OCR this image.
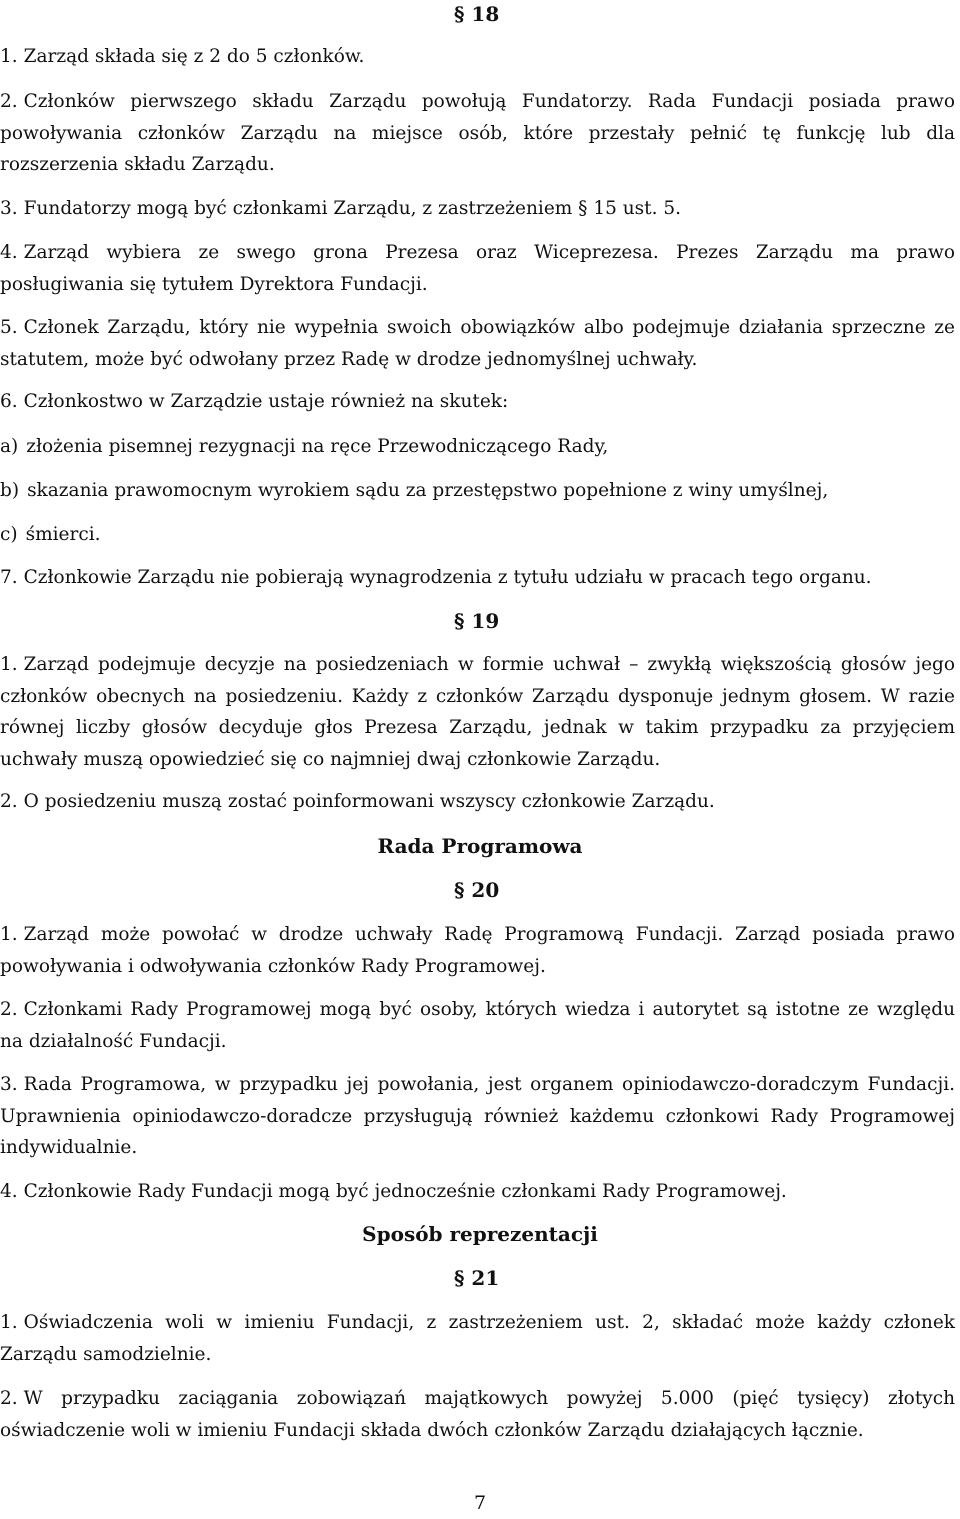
§ 18

1. Zarząd składa się z 2 do 5 członków.

2. Członków pierwszego składu Zarządu powołują Fundatorzy. Rada Fundacji posiada prawo powoływania członków Zarządu na miejsce osób, które przestały pełnić tę funkcję lub dla rozszerzenia składu Zarządu.

3. Fundatorzy mogą być członkami Zarządu, z zastrzeżeniem § 15 ust. 5.

4. Zarząd wybiera ze swego grona Prezesa oraz Wiceprezesa. Prezes Zarządu ma prawo posługiwania się tytułem Dyrektora Fundacji.

5. Członek Zarządu, który nie wypełnia swoich obowiązków albo podejmuje działania sprzeczne ze statutem, może być odwołany przez Radę w drodze jednomyślnej uchwały.

6. Członkostwo w Zarządzie ustaje również na skutek:

a) złożenia pisemnej rezygnacji na ręce Przewodniczącego Rady,

b) skazania prawomocnym wyrokiem sądu za przestępstwo popełnione z winy umyślnej,

c) śmierci.

7. Członkowie Zarządu nie pobierają wynagrodzenia z tytułu udziału w pracach tego organu.

§ 19

1. Zarząd podejmuje decyzje na posiedzeniach w formie uchwał – zwykłą większością głosów jego członków obecnych na posiedzeniu. Każdy z członków Zarządu dysponuje jednym głosem. W razie równej liczby głosów decyduje głos Prezesa Zarządu, jednak w takim przypadku za przyjęciem uchwały muszą opowiedzieć się co najmniej dwaj członkowie Zarządu.

2. O posiedzeniu muszą zostać poinformowani wszyscy członkowie Zarządu.

Rada Programowa
§ 20

1. Zarząd może powołać w drodze uchwały Radę Programową Fundacji. Zarząd posiada prawo powoływania i odwoływania członków Rady Programowej.

2. Członkami Rady Programowej mogą być osoby, których wiedza i autorytet są istotne ze względu na działalność Fundacji.

3. Rada Programowa, w przypadku jej powołania, jest organem opiniodawczo-doradczym Fundacji. Uprawnienia opiniodawczo-doradcze przysługują również każdemu członkowi Rady Programowej indywidualnie.

4. Członkowie Rady Fundacji mogą być jednocześnie członkami Rady Programowej.

Sposób reprezentacji
§ 21

1. Oświadczenia woli w imieniu Fundacji, z zastrzeżeniem ust. 2, składać może każdy członek Zarządu samodzielnie.

2. W przypadku zaciągania zobowiązań majątkowych powyżej 5.000 (pięć tysięcy) złotych oświadczenie woli w imieniu Fundacji składa dwóch członków Zarządu działających łącznie.

7
